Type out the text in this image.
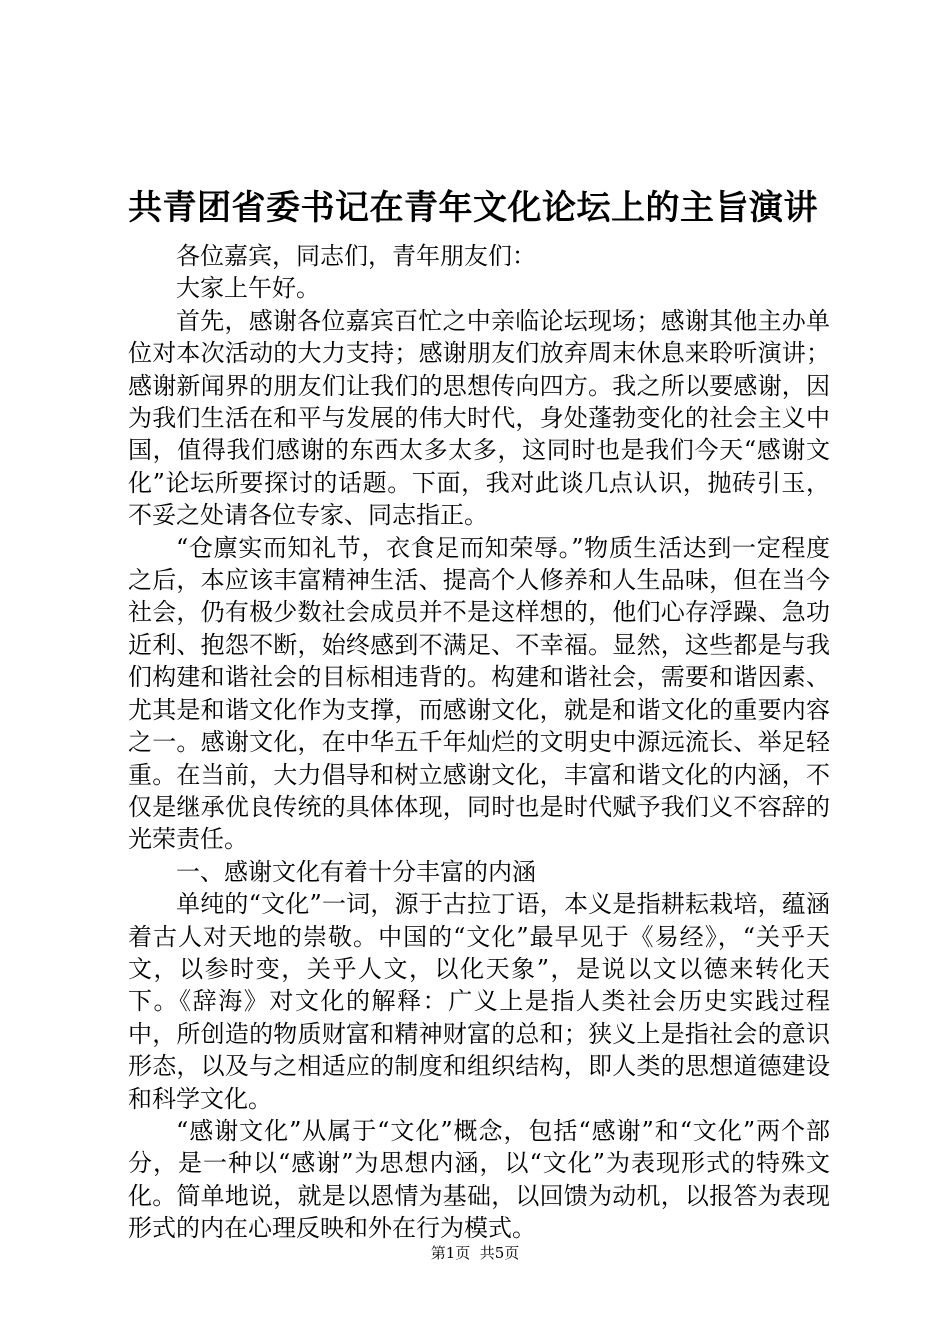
共青团省委书记在青年文化论坛上的主旨演讲

各位嘉宾，同志们，青年朋友们：

大家上午好。

首先，感谢各位嘉宾百忙之中亲临论坛现场；感谢其他主办单位对本次活动的大力支持；感谢朋友们放弃周末休息来聆听演讲；感谢新闻界的朋友们让我们的思想传向四方。我之所以要感谢，因为我们生活在和平与发展的伟大时代，身处蓬勃变化的社会主义中国，值得我们感谢的东西太多太多，这同时也是我们今天“感谢文化”论坛所要探讨的话题。下面，我对此谈几点认识，抛砖引玉，不妥之处请各位专家、同志指正。

“仓廪实而知礼节，衣食足而知荣辱。”物质生活达到一定程度之后，本应该丰富精神生活、提高个人修养和人生品味，但在当今社会，仍有极少数社会成员并不是这样想的，他们心存浮躁、急功近利、抱怨不断，始终感到不满足、不幸福。显然，这些都是与我们构建和谐社会的目标相违背的。构建和谐社会，需要和谐因素、尤其是和谐文化作为支撑，而感谢文化，就是和谐文化的重要内容之一。感谢文化，在中华五千年灿烂的文明史中源远流长、举足轻重。在当前，大力倡导和树立感谢文化，丰富和谐文化的内涵，不仅是继承优良传统的具体体现，同时也是时代赋予我们义不容辞的光荣责任。

一、感谢文化有着十分丰富的内涵

单纯的“文化”一词，源于古拉丁语，本义是指耕耘栽培，蕴涵着古人对天地的崇敬。中国的“文化”最早见于《易经》，“关乎天文，以参时变，关乎人文，以化天象”，是说以文以德来转化天下。《辞海》对文化的解释：广义上是指人类社会历史实践过程中，所创造的物质财富和精神财富的总和；狭义上是指社会的意识形态，以及与之相适应的制度和组织结构，即人类的思想道德建设和科学文化。

“感谢文化”从属于“文化”概念，包括“感谢”和“文化”两个部分，是一种以“感谢”为思想内涵，以“文化”为表现形式的特殊文化。简单地说，就是以恩情为基础，以回馈为动机，以报答为表现形式的内在心理反映和外在行为模式。

第1页  共5页
